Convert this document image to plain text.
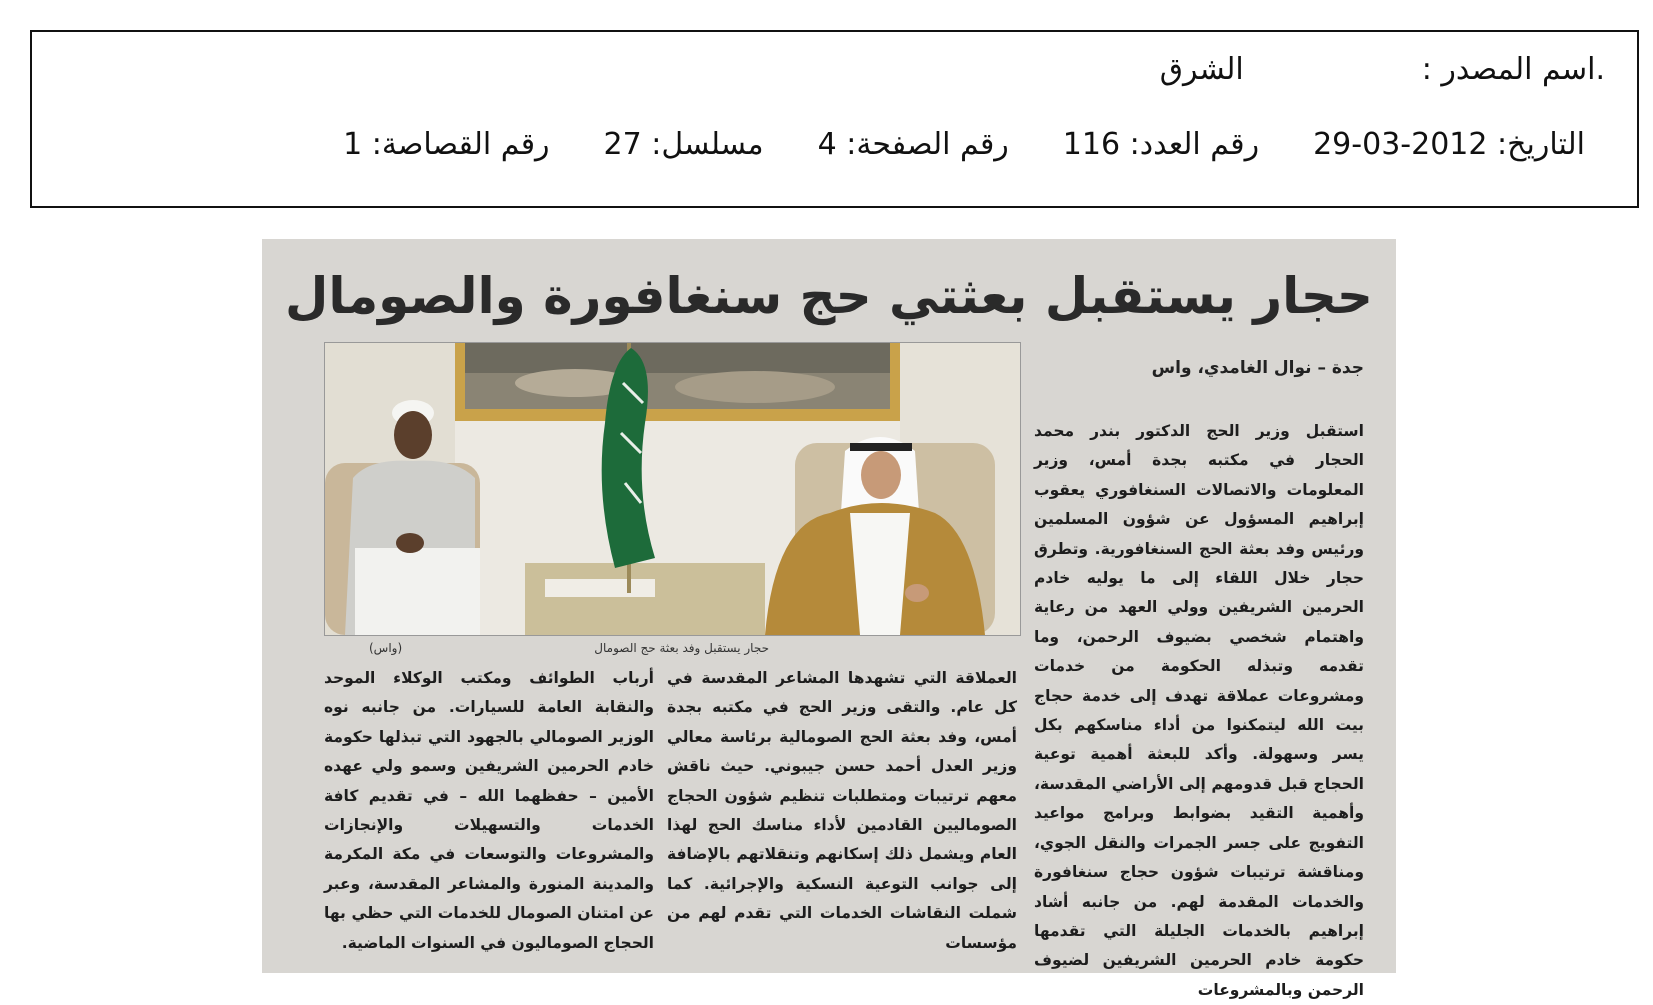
.اسم المصدر :الشرق
التاريخ: 2012-03-29رقم العدد: 116رقم الصفحة: 4مسلسل: 27رقم القصاصة: 1
حجار يستقبل بعثتي حج سنغافورة والصومال
جدة – نوال الغامدي، واس
حجار يستقبل وفد بعثة حج الصومال
(واس)
استقبل وزير الحج الدكتور بندر محمد الحجار في مكتبه بجدة أمس، وزير المعلومات والاتصالات السنغافوري يعقوب إبراهيم المسؤول عن شؤون المسلمين ورئيس وفد بعثة الحج السنغافورية. وتطرق حجار خلال اللقاء إلى ما يوليه خادم الحرمين الشريفين وولي العهد من رعاية واهتمام شخصي بضيوف الرحمن، وما تقدمه وتبذله الحكومة من خدمات ومشروعات عملاقة تهدف إلى خدمة حجاج بيت الله ليتمكنوا من أداء مناسكهم بكل يسر وسهولة. وأكد للبعثة أهمية توعية الحجاج قبل قدومهم إلى الأراضي المقدسة، وأهمية التقيد بضوابط وبرامج مواعيد التفويج على جسر الجمرات والنقل الجوي، ومناقشة ترتيبات شؤون حجاج سنغافورة والخدمات المقدمة لهم. من جانبه أشاد إبراهيم بالخدمات الجليلة التي تقدمها حكومة خادم الحرمين الشريفين لضيوف الرحمن وبالمشروعات
العملاقة التي تشهدها المشاعر المقدسة في كل عام. والتقى وزير الحج في مكتبه بجدة أمس، وفد بعثة الحج الصومالية برئاسة معالي وزير العدل أحمد حسن جيبوني. حيث ناقش معهم ترتيبات ومتطلبات تنظيم شؤون الحجاج الصوماليين القادمين لأداء مناسك الحج لهذا العام ويشمل ذلك إسكانهم وتنقلاتهم بالإضافة إلى جوانب التوعية النسكية والإجرائية. كما شملت النقاشات الخدمات التي تقدم لهم من مؤسسات
أرباب الطوائف ومكتب الوكلاء الموحد والنقابة العامة للسيارات. من جانبه نوه الوزير الصومالي بالجهود التي تبذلها حكومة خادم الحرمين الشريفين وسمو ولي عهده الأمين – حفظهما الله – في تقديم كافة الخدمات والتسهيلات والإنجازات والمشروعات والتوسعات في مكة المكرمة والمدينة المنورة والمشاعر المقدسة، وعبر عن امتنان الصومال للخدمات التي حظي بها الحجاج الصوماليون في السنوات الماضية.
